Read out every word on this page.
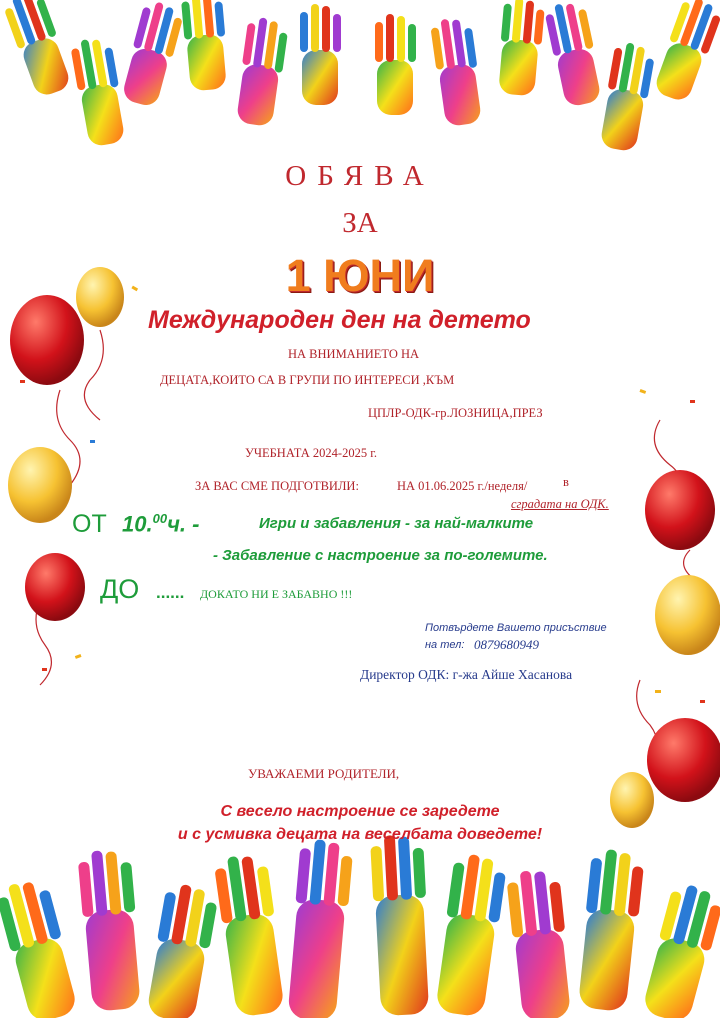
ОБЯВА
ЗА
1 ЮНИ
Международен ден на детето
НА ВНИМАНИЕТО НА
ДЕЦАТА,КОИТО СА В ГРУПИ ПО ИНТЕРЕСИ ,КЪМ
ЦПЛР-ОДК-гр.ЛОЗНИЦА,ПРЕЗ
УЧЕБНАТА 2024-2025 г.
ЗА ВАС СМЕ ПОДГОТВИЛИ:	НА 01.06.2025 г./неделя/	в
сградата на ОДК.
ОТ 10.00ч. -	Игри и забавления - за най-малките
- Забавление с настроение за по-големите.
ДО ...... ДОКАТО НИ Е ЗАБАВНО !!!
Потвърдете Вашето присъствие
на тел: 0879680949
Директор ОДК: г-жа Айше Хасанова
УВАЖАЕМИ РОДИТЕЛИ,
С весело настроение се заредете
и с усмивка децата на веселбата доведете!
